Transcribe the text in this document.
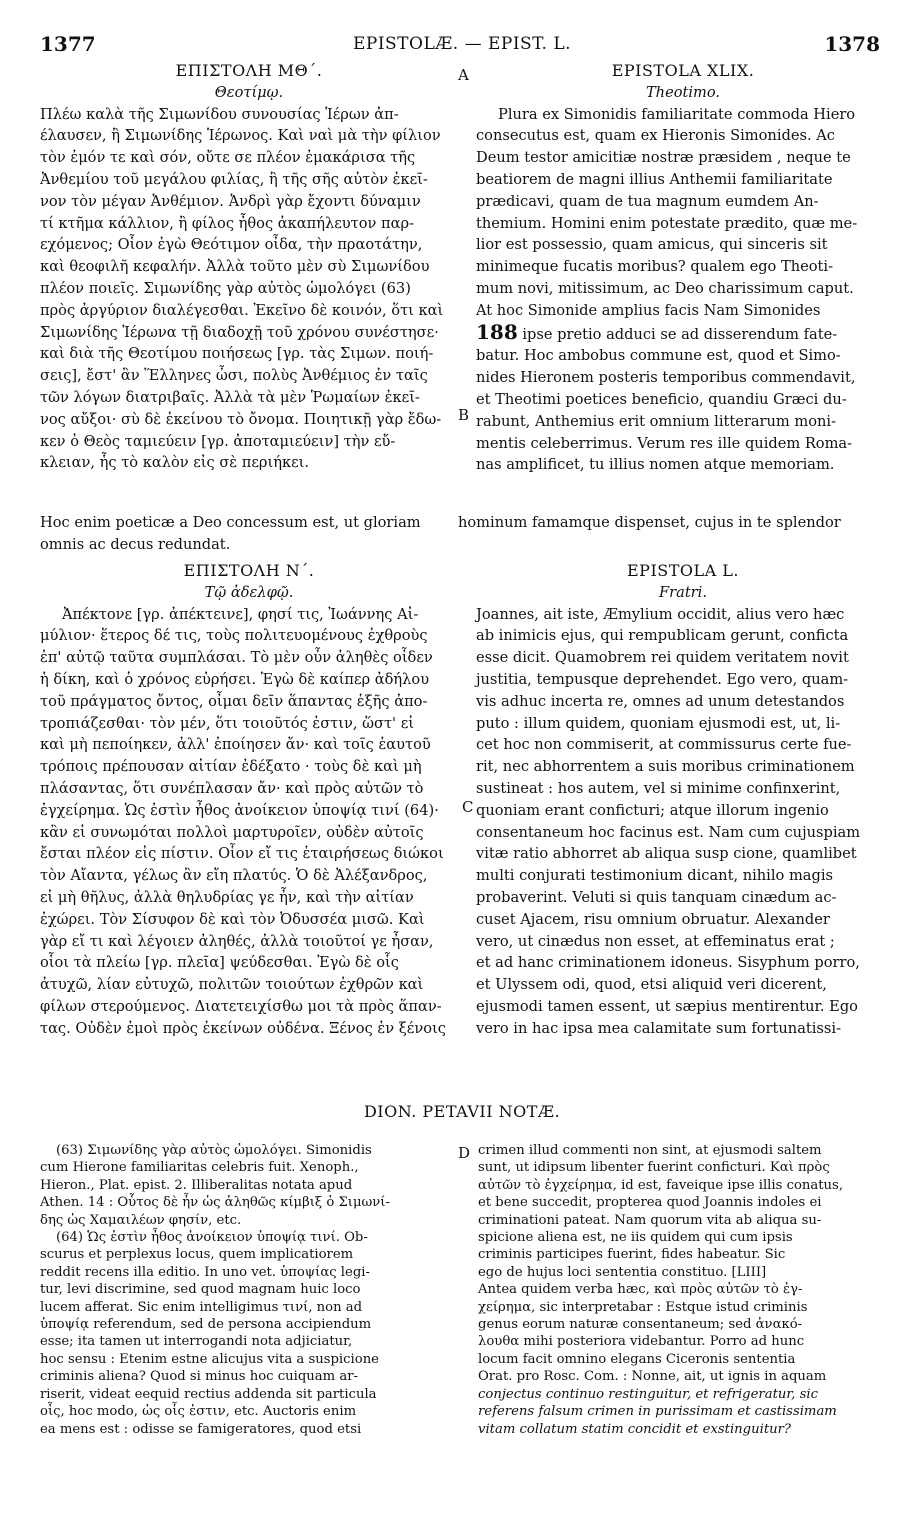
1377	EPISTOLÆ. — EPIST. L.	1378
A
B
C
D
ΕΠΙΣΤΟΛΗ ΜΘ΄.
Θεοτίμῳ.
Πλέω καλὰ τῆς Σιμωνίδου συνουσίας Ἱέρων ἀπ-
έλαυσεν, ἢ Σιμωνίδης Ἱέρωνος. Καὶ ναὶ μὰ τὴν φίλιον
τὸν ἐμόν τε καὶ σόν, οὔτε σε πλέον ἐμακάρισα τῆς
Ἀνθεμίου τοῦ μεγάλου φιλίας, ἢ τῆς σῆς αὐτὸν ἐκεῖ-
νον τὸν μέγαν Ἀνθέμιον. Ἀνδρὶ γὰρ ἔχοντι δύναμιν
τί κτῆμα κάλλιον, ἢ φίλος ἦθος ἀκαπήλευτον παρ-
εχόμενος; Οἷον ἐγὼ Θεότιμον οἶδα, τὴν πραοτάτην,
καὶ θεοφιλῆ κεφαλήν. Ἀλλὰ τοῦτο μὲν σὺ Σιμωνίδου
πλέον ποιεῖς. Σιμωνίδης γὰρ αὐτὸς ὡμολόγει (63)
πρὸς ἀργύριον διαλέγεσθαι. Ἐκεῖνο δὲ κοινόν, ὅτι καὶ
Σιμωνίδης Ἱέρωνα τῇ διαδοχῇ τοῦ χρόνου συνέστησε·
καὶ διὰ τῆς Θεοτίμου ποιήσεως [γρ. τὰς Σιμων. ποιή-
σεις], ἔστ' ἂν Ἕλληνες ὦσι, πολὺς Ἀνθέμιος ἐν ταῖς
τῶν λόγων διατριβαῖς. Ἀλλὰ τὰ μὲν Ῥωμαίων ἐκεῖ-
νος αὔξοι· σὺ δὲ ἐκείνου τὸ ὄνομα. Ποιητικῇ γὰρ ἔδω-
κεν ὁ Θεὸς ταμιεύειν [γρ. ἀποταμιεύειν] τὴν εὔ-
κλειαν, ἧς τὸ καλὸν εἰς σὲ περιήκει.
EPISTOLA XLIX.
Theotimo.
Plura ex Simonidis familiaritate commoda Hiero
consecutus est, quam ex Hieronis Simonides. Ac
Deum testor amicitiæ nostræ præsidem , neque te
beatiorem de magni illius Anthemii familiaritate
prædicavi, quam de tua magnum eumdem An-
themium. Homini enim potestate prædito, quæ me-
lior est possessio, quam amicus, qui sinceris sit
minimeque fucatis moribus? qualem ego Theoti-
mum novi, mitissimum, ac Deo charissimum caput.
At hoc Simonide amplius facis Nam Simonides
188 ipse pretio adduci se ad disserendum fate-
batur. Hoc ambobus commune est, quod et Simo-
nides Hieronem posteris temporibus commendavit,
et Theotimi poetices beneficio, quandiu Græci du-
rabunt, Anthemius erit omnium litterarum moni-
mentis celeberrimus. Verum res ille quidem Roma-
nas amplificet, tu illius nomen atque memoriam.
Hoc enim poeticæ a Deo concessum est, ut gloriam	hominum famamque dispenset, cujus in te splendor
omnis ac decus redundat.
ΕΠΙΣΤΟΛΗ Ν΄.
Τῷ ἀδελφῷ.
Ἀπέκτονε [γρ. ἀπέκτεινε], φησί τις, Ἰωάννης Αἰ-
μύλιον· ἕτερος δέ τις, τοὺς πολιτευομένους ἐχθροὺς
ἐπ' αὐτῷ ταῦτα συμπλάσαι. Τὸ μὲν οὖν ἀληθὲς οἶδεν
ἡ δίκη, καὶ ὁ χρόνος εὑρήσει. Ἐγὼ δὲ καίπερ ἀδήλου
τοῦ πράγματος ὄντος, οἶμαι δεῖν ἅπαντας ἑξῆς ἀπο-
τροπιάζεσθαι· τὸν μέν, ὅτι τοιοῦτός ἐστιν, ὥστ' εἰ
καὶ μὴ πεποίηκεν, ἀλλ' ἐποίησεν ἄν· καὶ τοῖς ἑαυτοῦ
τρόποις πρέπουσαν αἰτίαν ἐδέξατο · τοὺς δὲ καὶ μὴ
πλάσαντας, ὅτι συνέπλασαν ἄν· καὶ πρὸς αὐτῶν τὸ
ἐγχείρημα. Ὡς ἐστὶν ἦθος ἀνοίκειον ὑποψίᾳ τινί (64)·
κἂν εἰ συνωμόται πολλοὶ μαρτυροῖεν, οὐδὲν αὐτοῖς
ἔσται πλέον εἰς πίστιν. Οἷον εἴ τις ἑταιρήσεως διώκοι
τὸν Αἴαντα, γέλως ἂν εἴη πλατύς. Ὁ δὲ Ἀλέξανδρος,
εἰ μὴ θῆλυς, ἀλλὰ θηλυδρίας γε ἦν, καὶ τὴν αἰτίαν
ἐχώρει. Τὸν Σίσυφον δὲ καὶ τὸν Ὀδυσσέα μισῶ. Καὶ
γὰρ εἴ τι καὶ λέγοιεν ἀληθές, ἀλλὰ τοιοῦτοί γε ἦσαν,
οἷοι τὰ πλείω [γρ. πλεῖα] ψεύδεσθαι. Ἐγὼ δὲ οἷς
ἀτυχῶ, λίαν εὐτυχῶ, πολιτῶν τοιούτων ἐχθρῶν καὶ
φίλων στερούμενος. Διατετειχίσθω μοι τὰ πρὸς ἅπαν-
τας. Οὐδὲν ἐμοὶ πρὸς ἐκείνων οὐδένα. Ξένος ἐν ξένοις
EPISTOLA L.
Fratri.
Joannes, ait iste, Æmylium occidit, alius vero hæc
ab inimicis ejus, qui rempublicam gerunt, conficta
esse dicit. Quamobrem rei quidem veritatem novit
justitia, tempusque deprehendet. Ego vero, quam-
vis adhuc incerta re, omnes ad unum detestandos
puto : illum quidem, quoniam ejusmodi est, ut, li-
cet hoc non commiserit, at commissurus certe fue-
rit, nec abhorrentem a suis moribus criminationem
sustineat : hos autem, vel si minime confinxerint,
quoniam erant conficturi; atque illorum ingenio
consentaneum hoc facinus est. Nam cum cujuspiam
vitæ ratio abhorret ab aliqua susp cione, quamlibet
multi conjurati testimonium dicant, nihilo magis
probaverint. Veluti si quis tanquam cinædum ac-
cuset Ajacem, risu omnium obruatur. Alexander
vero, ut cinædus non esset, at effeminatus erat ;
et ad hanc criminationem idoneus. Sisyphum porro,
et Ulyssem odi, quod, etsi aliquid veri dicerent,
ejusmodi tamen essent, ut sæpius mentirentur. Ego
vero in hac ipsa mea calamitate sum fortunatissi-
DION. PETAVII NOTÆ.
(63) Σιμωνίδης γὰρ αὐτὸς ὡμολόγει. Simonidis
cum Hierone familiaritas celebris fuit. Xenoph.,
Hieron., Plat. epist. 2. Illiberalitas notata apud
Athen. 14 : Οὗτος δὲ ἦν ὡς ἀληθῶς κίμβιξ ὁ Σιμωνί-
δης ὡς Χαμαιλέων φησίν, etc.
(64) Ὡς ἐστὶν ἦθος ἀνοίκειον ὑποψίᾳ τινί. Ob-
scurus et perplexus locus, quem implicatiorem
reddit recens illa editio. In uno vet. ὑποψίας legi-
tur, levi discrimine, sed quod magnam huic loco
lucem afferat. Sic enim intelligimus τινί, non ad
ὑποψίᾳ referendum, sed de persona accipiendum
esse; ita tamen ut interrogandi nota adjiciatur,
hoc sensu : Etenim estne alicujus vita a suspicione
criminis aliena? Quod si minus hoc cuiquam ar-
riserit, videat eequid rectius addenda sit particula
οἷς, hoc modo, ὡς οἷς ἐστιν, etc. Auctoris enim
ea mens est : odisse se famigeratores, quod etsi
crimen illud commenti non sint, at ejusmodi saltem
sunt, ut idipsum libenter fuerint conficturi. Καὶ πρὸς
αὐτῶν τὸ ἐγχείρημα, id est, faveique ipse illis conatus,
et bene succedit, propterea quod Joannis indoles ei
criminationi pateat. Nam quorum vita ab aliqua su-
spicione aliena est, ne iis quidem qui cum ipsis
criminis participes fuerint, fides habeatur. Sic
ego de hujus loci sententia constituo. [LIII]
Antea quidem verba hæc, καὶ πρὸς αὐτῶν τὸ ἐγ-
χείρημα, sic interpretabar : Estque istud criminis
genus eorum naturæ consentaneum; sed ἀνακό-
λουθα mihi posteriora videbantur. Porro ad hunc
locum facit omnino elegans Ciceronis sententia
Orat. pro Rosc. Com. : Nonne, ait, ut ignis in aquam
conjectus continuo restinguitur, et refrigeratur, sic
referens falsum crimen in purissimam et castissimam
vitam collatum statim concidit et exstinguitur?
